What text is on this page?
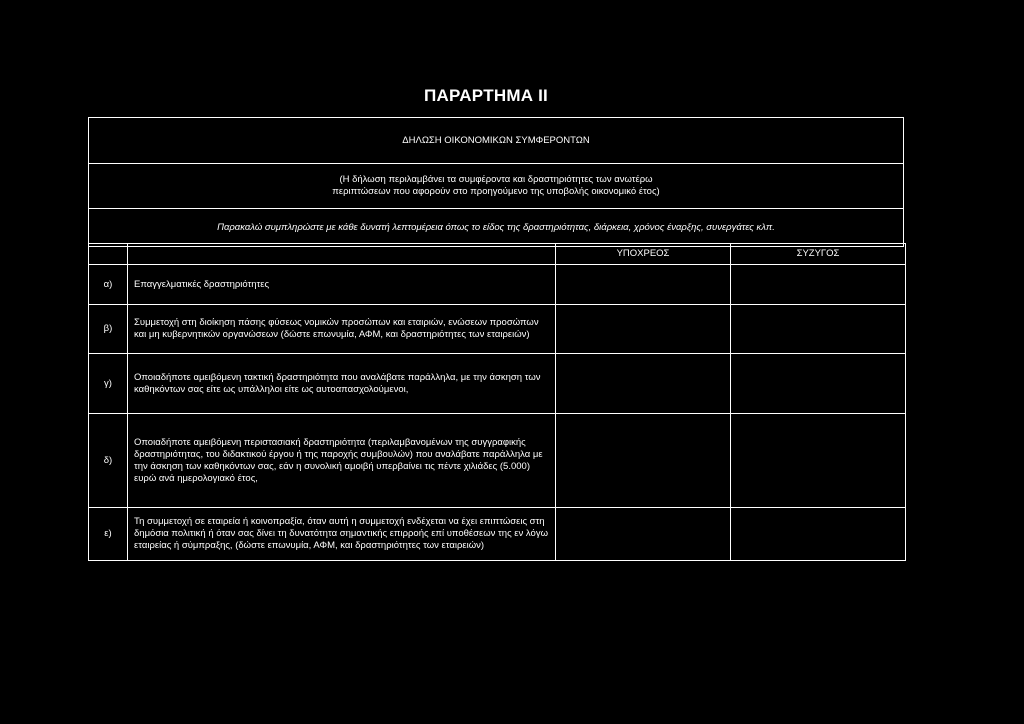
ΠΑΡΑΡΤΗΜΑ ΙΙ
ΔΗΛΩΣΗ ΟΙΚΟΝΟΜΙΚΩΝ ΣΥΜΦΕΡΟΝΤΩΝ
(Η δήλωση περιλαμβάνει τα συμφέροντα και δραστηριότητες των ανωτέρω
περιπτώσεων που αφορούν στο προηγούμενο της υποβολής οικονομικό έτος)
Παρακαλώ συμπληρώστε με κάθε δυνατή λεπτομέρεια όπως το είδος της δραστηριότητας, διάρκεια, χρόνος έναρξης, συνεργάτες κλπ.
		ΥΠΟΧΡΕΟΣ	ΣΥΖΥΓΟΣ
α)	Επαγγελματικές δραστηριότητες		
β)	Συμμετοχή στη διοίκηση πάσης φύσεως νομικών προσώπων και εταιριών, ενώσεων προσώπων και μη κυβερνητικών οργανώσεων (δώστε επωνυμία, ΑΦΜ, και δραστηριότητες των εταιρειών)		
γ)	Οποιαδήποτε αμειβόμενη τακτική δραστηριότητα που αναλάβατε παράλληλα, με την άσκηση των καθηκόντων σας είτε ως υπάλληλοι είτε ως αυτοαπασχολούμενοι,		
δ)	Οποιαδήποτε αμειβόμενη περιστασιακή δραστηριότητα (περιλαμβανομένων της συγγραφικής δραστηριότητας, του διδακτικού έργου ή της παροχής συμβουλών) που αναλάβατε παράλληλα με την άσκηση των καθηκόντων σας, εάν η συνολική αμοιβή υπερβαίνει τις πέντε χιλιάδες (5.000) ευρώ ανά ημερολογιακό έτος,		
ε)	Τη συμμετοχή σε εταιρεία ή κοινοπραξία, όταν αυτή η συμμετοχή ενδέχεται να έχει επιπτώσεις στη δημόσια πολιτική ή όταν σας δίνει τη δυνατότητα σημαντικής επιρροής επί υποθέσεων της εν λόγω εταιρείας ή σύμπραξης, (δώστε επωνυμία, ΑΦΜ, και δραστηριότητες των εταιρειών)		
